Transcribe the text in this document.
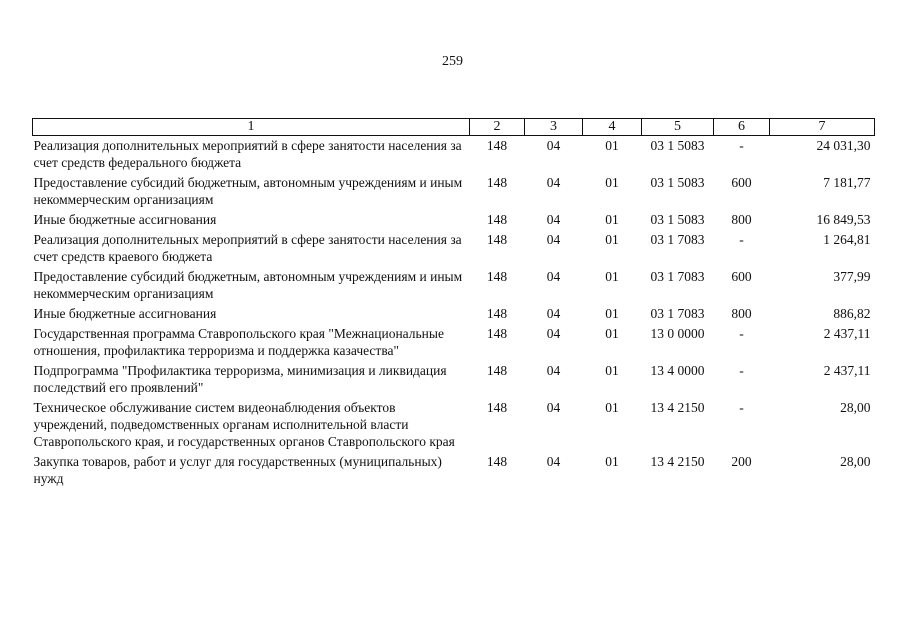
259
1	2	3	4	5	6	7
Реализация дополнительных мероприятий в сфере занятости населения за счет средств федерального бюджета	148	04	01	03 1 5083	-	24 031,30
Предоставление субсидий бюджетным, автономным учреждениям и иным некоммерческим организациям	148	04	01	03 1 5083	600	7 181,77
Иные бюджетные ассигнования	148	04	01	03 1 5083	800	16 849,53
Реализация дополнительных мероприятий в сфере занятости населения за счет средств краевого бюджета	148	04	01	03 1 7083	-	1 264,81
Предоставление субсидий бюджетным, автономным учреждениям и иным некоммерческим организациям	148	04	01	03 1 7083	600	377,99
Иные бюджетные ассигнования	148	04	01	03 1 7083	800	886,82
Государственная программа Ставропольского края "Межнациональные отношения, профилактика терроризма и поддержка казачества"	148	04	01	13 0 0000	-	2 437,11
Подпрограмма "Профилактика терроризма, минимизация и ликвидация последствий его проявлений"	148	04	01	13 4 0000	-	2 437,11
Техническое обслуживание систем видеонаблюдения объектов учреждений, подведомственных органам исполнительной власти Ставропольского края, и государственных органов Ставропольского края	148	04	01	13 4 2150	-	28,00
Закупка товаров, работ и услуг для государственных (муниципальных) нужд	148	04	01	13 4 2150	200	28,00
